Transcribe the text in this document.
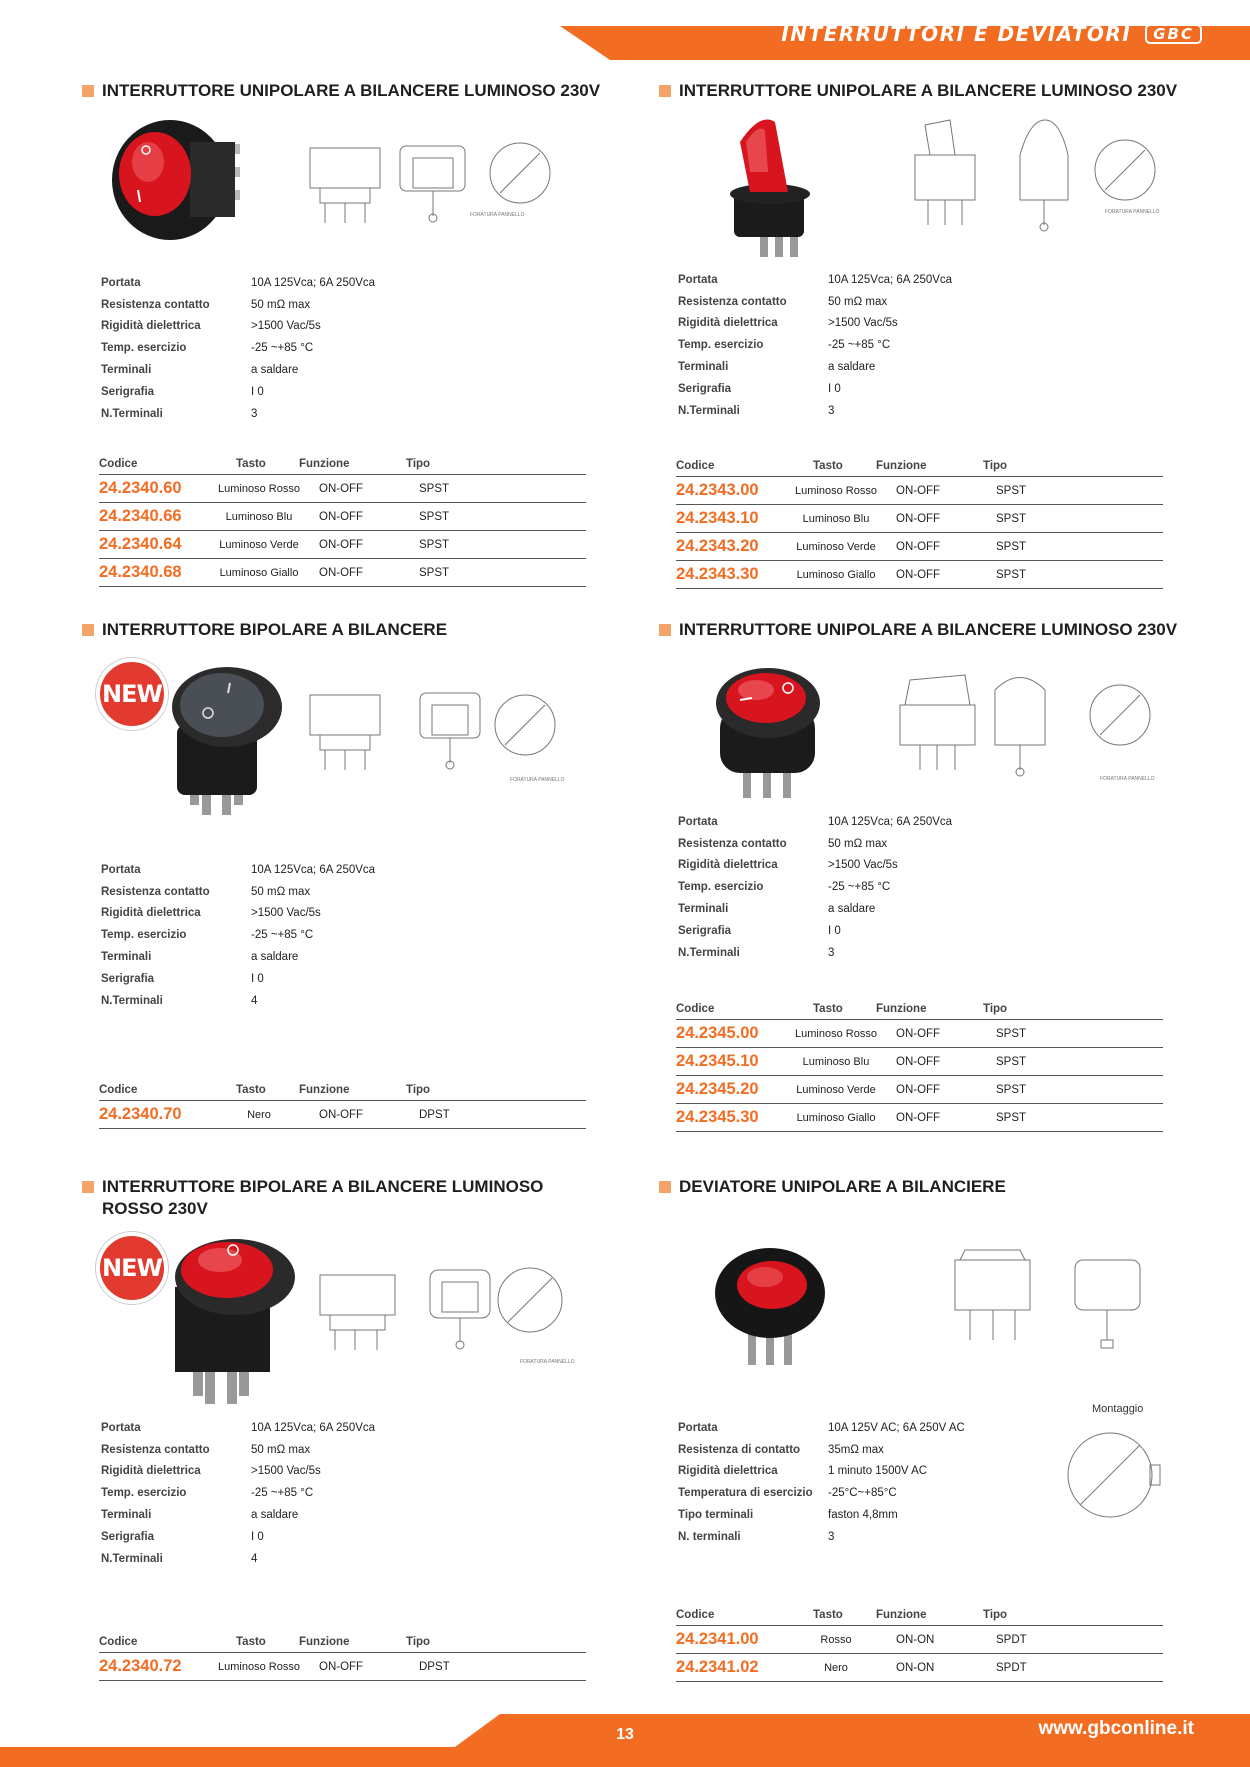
INTERRUTTORI E DEVIATORI	GBC
INTERRUTTORE UNIPOLARE A BILANCERE LUMINOSO 230V
FORATURA PANNELLO
Portata	10A 125Vca; 6A 250Vca
Resistenza contatto	50 mΩ max
Rigidità dielettrica	>1500 Vac/5s
Temp. esercizio	-25 ~+85 °C
Terminali	a saldare
Serigrafia	I 0
N.Terminali	3
Codice	Tasto	Funzione	Tipo
24.2340.60	Luminoso Rosso	ON-OFF	SPST
24.2340.66	Luminoso Blu	ON-OFF	SPST
24.2340.64	Luminoso Verde	ON-OFF	SPST
24.2340.68	Luminoso Giallo	ON-OFF	SPST
INTERRUTTORE UNIPOLARE A BILANCERE LUMINOSO 230V
FORATURA PANNELLO
Portata	10A 125Vca; 6A 250Vca
Resistenza contatto	50 mΩ max
Rigidità dielettrica	>1500 Vac/5s
Temp. esercizio	-25 ~+85 °C
Terminali	a saldare
Serigrafia	I 0
N.Terminali	3
Codice	Tasto	Funzione	Tipo
24.2343.00	Luminoso Rosso	ON-OFF	SPST
24.2343.10	Luminoso Blu	ON-OFF	SPST
24.2343.20	Luminoso Verde	ON-OFF	SPST
24.2343.30	Luminoso Giallo	ON-OFF	SPST
INTERRUTTORE BIPOLARE A BILANCERE
NEW
FORATURA PANNELLO
Portata	10A 125Vca; 6A 250Vca
Resistenza contatto	50 mΩ max
Rigidità dielettrica	>1500 Vac/5s
Temp. esercizio	-25 ~+85 °C
Terminali	a saldare
Serigrafia	I 0
N.Terminali	4
Codice	Tasto	Funzione	Tipo
24.2340.70	Nero	ON-OFF	DPST
INTERRUTTORE UNIPOLARE A BILANCERE LUMINOSO 230V
FORATURA PANNELLO
Portata	10A 125Vca; 6A 250Vca
Resistenza contatto	50 mΩ max
Rigidità dielettrica	>1500 Vac/5s
Temp. esercizio	-25 ~+85 °C
Terminali	a saldare
Serigrafia	I 0
N.Terminali	3
Codice	Tasto	Funzione	Tipo
24.2345.00	Luminoso Rosso	ON-OFF	SPST
24.2345.10	Luminoso Blu	ON-OFF	SPST
24.2345.20	Luminoso Verde	ON-OFF	SPST
24.2345.30	Luminoso Giallo	ON-OFF	SPST
INTERRUTTORE BIPOLARE A BILANCERE LUMINOSO ROSSO 230V
NEW
FORATURA PANNELLO
Portata	10A 125Vca; 6A 250Vca
Resistenza contatto	50 mΩ max
Rigidità dielettrica	>1500 Vac/5s
Temp. esercizio	-25 ~+85 °C
Terminali	a saldare
Serigrafia	I 0
N.Terminali	4
Codice	Tasto	Funzione	Tipo
24.2340.72	Luminoso Rosso	ON-OFF	DPST
DEVIATORE UNIPOLARE A BILANCIERE
Montaggio
Portata	10A 125V AC; 6A 250V AC
Resistenza di contatto	35mΩ max
Rigidità dielettrica	1 minuto 1500V AC
Temperatura di esercizio	-25°C~+85°C
Tipo terminali	faston 4,8mm
N. terminali	3
Codice	Tasto	Funzione	Tipo
24.2341.00	Rosso	ON-ON	SPDT
24.2341.02	Nero	ON-ON	SPDT
13	www.gbconline.it
